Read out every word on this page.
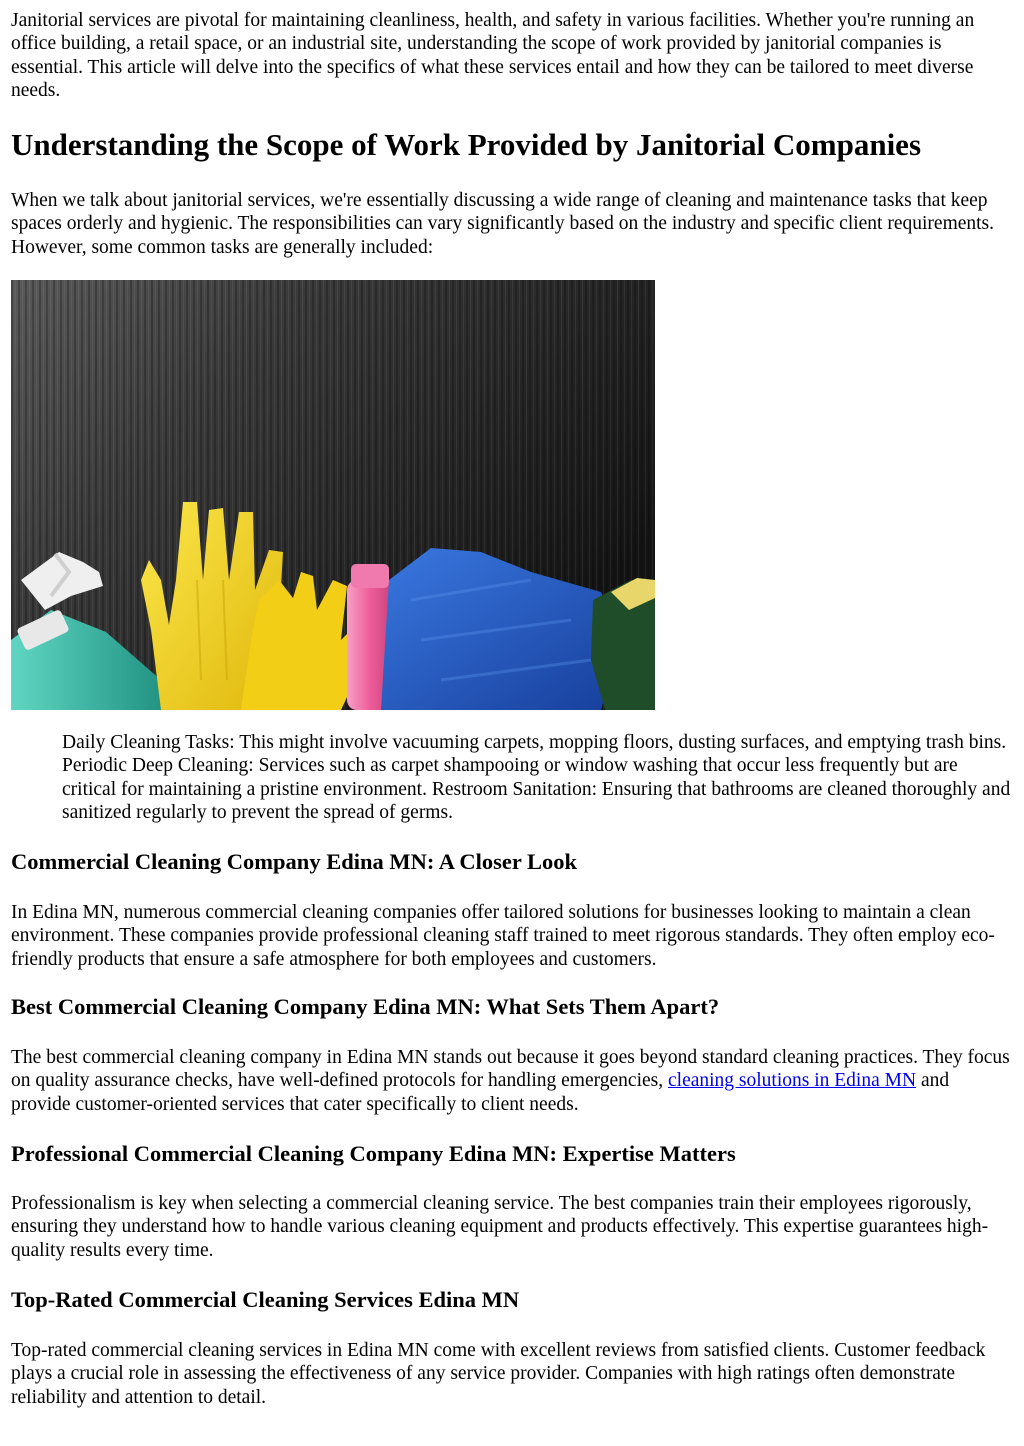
Janitorial services are pivotal for maintaining cleanliness, health, and safety in various facilities. Whether you're running an office building, a retail space, or an industrial site, understanding the scope of work provided by janitorial companies is essential. This article will delve into the specifics of what these services entail and how they can be tailored to meet diverse needs.

Understanding the Scope of Work Provided by Janitorial Companies

When we talk about janitorial services, we're essentially discussing a wide range of cleaning and maintenance tasks that keep spaces orderly and hygienic. The responsibilities can vary significantly based on the industry and specific client requirements. However, some common tasks are generally included:

Daily Cleaning Tasks: This might involve vacuuming carpets, mopping floors, dusting surfaces, and emptying trash bins. Periodic Deep Cleaning: Services such as carpet shampooing or window washing that occur less frequently but are critical for maintaining a pristine environment. Restroom Sanitation: Ensuring that bathrooms are cleaned thoroughly and sanitized regularly to prevent the spread of germs.

Commercial Cleaning Company Edina MN: A Closer Look

In Edina MN, numerous commercial cleaning companies offer tailored solutions for businesses looking to maintain a clean environment. These companies provide professional cleaning staff trained to meet rigorous standards. They often employ eco-friendly products that ensure a safe atmosphere for both employees and customers.

Best Commercial Cleaning Company Edina MN: What Sets Them Apart?

The best commercial cleaning company in Edina MN stands out because it goes beyond standard cleaning practices. They focus on quality assurance checks, have well-defined protocols for handling emergencies, cleaning solutions in Edina MN and provide customer-oriented services that cater specifically to client needs.

Professional Commercial Cleaning Company Edina MN: Expertise Matters

Professionalism is key when selecting a commercial cleaning service. The best companies train their employees rigorously, ensuring they understand how to handle various cleaning equipment and products effectively. This expertise guarantees high-quality results every time.

Top-Rated Commercial Cleaning Services Edina MN

Top-rated commercial cleaning services in Edina MN come with excellent reviews from satisfied clients. Customer feedback plays a crucial role in assessing the effectiveness of any service provider. Companies with high ratings often demonstrate reliability and attention to detail.
